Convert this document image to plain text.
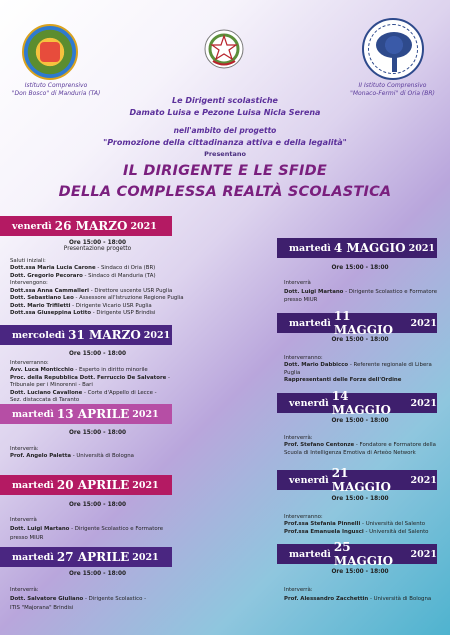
Istituto Comprensivo
"Don Bosco" di Manduria (TA)
II Istituto Comprensivo
"Monaco-Fermi" di Oria (BR)
Le Dirigenti scolastiche
Damato Luisa e Pezone Luisa Nicla Serena
nell'ambito del progetto
"Promozione della cittadinanza attiva e della legalità"
Presentano
IL DIRIGENTE E LE SFIDE
DELLA COMPLESSA REALTÀ SCOLASTICA
venerdì 26 MARZO 2021
Ore 15:00 - 18:00
Presentazione progetto
Saluti iniziali:
Dott.ssa Maria Lucia Carone - Sindaco di Oria (BR)
Dott. Gregorio Pecoraro - Sindaco di Manduria (TA)
Intervengono:
Dott.ssa Anna Cammalleri - Direttore uscente USR Puglia
Dott. Sebastiano Leo - Assessore all'Istruzione Regione Puglia
Dott. Mario Trifiletti - Dirigente Vicario USR Puglia
Dott.ssa Giuseppina Lotito - Dirigente USP Brindisi
mercoledì 31 MARZO 2021
Ore 15:00 - 18:00
Interverranno:
Avv. Luca Monticchio - Esperto in diritto minorile
Proc. della Repubblica Dott. Ferruccio De Salvatore -
Tribunale per i Minorenni - Bari
Dott. Luciano Cavallone - Corte d'Appello di Lecce -
Sez. distaccata di Taranto
martedì 13 APRILE 2021
Ore 15:00 - 18:00
Interverrà:
Prof. Angelo Paletta - Università di Bologna
martedì 20 APRILE 2021
Ore 15:00 - 18:00
Interverrà
Dott. Luigi Martano - Dirigente Scolastico e Formatore
presso MIUR
martedì 27 APRILE 2021
Ore 15:00 - 18:00
Interverrà:
Dott. Salvatore Giuliano - Dirigente Scolastico -
ITIS "Majorana" Brindisi
martedì 4 MAGGIO 2021
Ore 15:00 - 18:00
Interverrà
Dott. Luigi Martano - Dirigente Scolastico e Formatore
presso MIUR
martedì 11 MAGGIO	2021
Ore 15:00 - 18:00
Interverranno:
Dott. Mario Dabbicco - Referente regionale di Libera
Puglia
Rappresentanti delle Forze dell'Ordine
venerdì 14 MAGGIO	2021
Ore 15:00 - 18:00
Interverrà:
Prof. Stefano Centonze - Fondatore e Formatore della
Scuola di Intelligenza Emotiva di Arteòo Network
venerdì 21 MAGGIO	2021
Ore 15:00 - 18:00
Interverranno:
Prof.ssa Stefania Pinnelli - Università del Salento
Prof.ssa Emanuela Ingusci - Università del Salento
martedì 25 MAGGIO	2021
Ore 15:00 - 18:00
Interverrà:
Prof. Alessandro Zacchettin - Università di Bologna
